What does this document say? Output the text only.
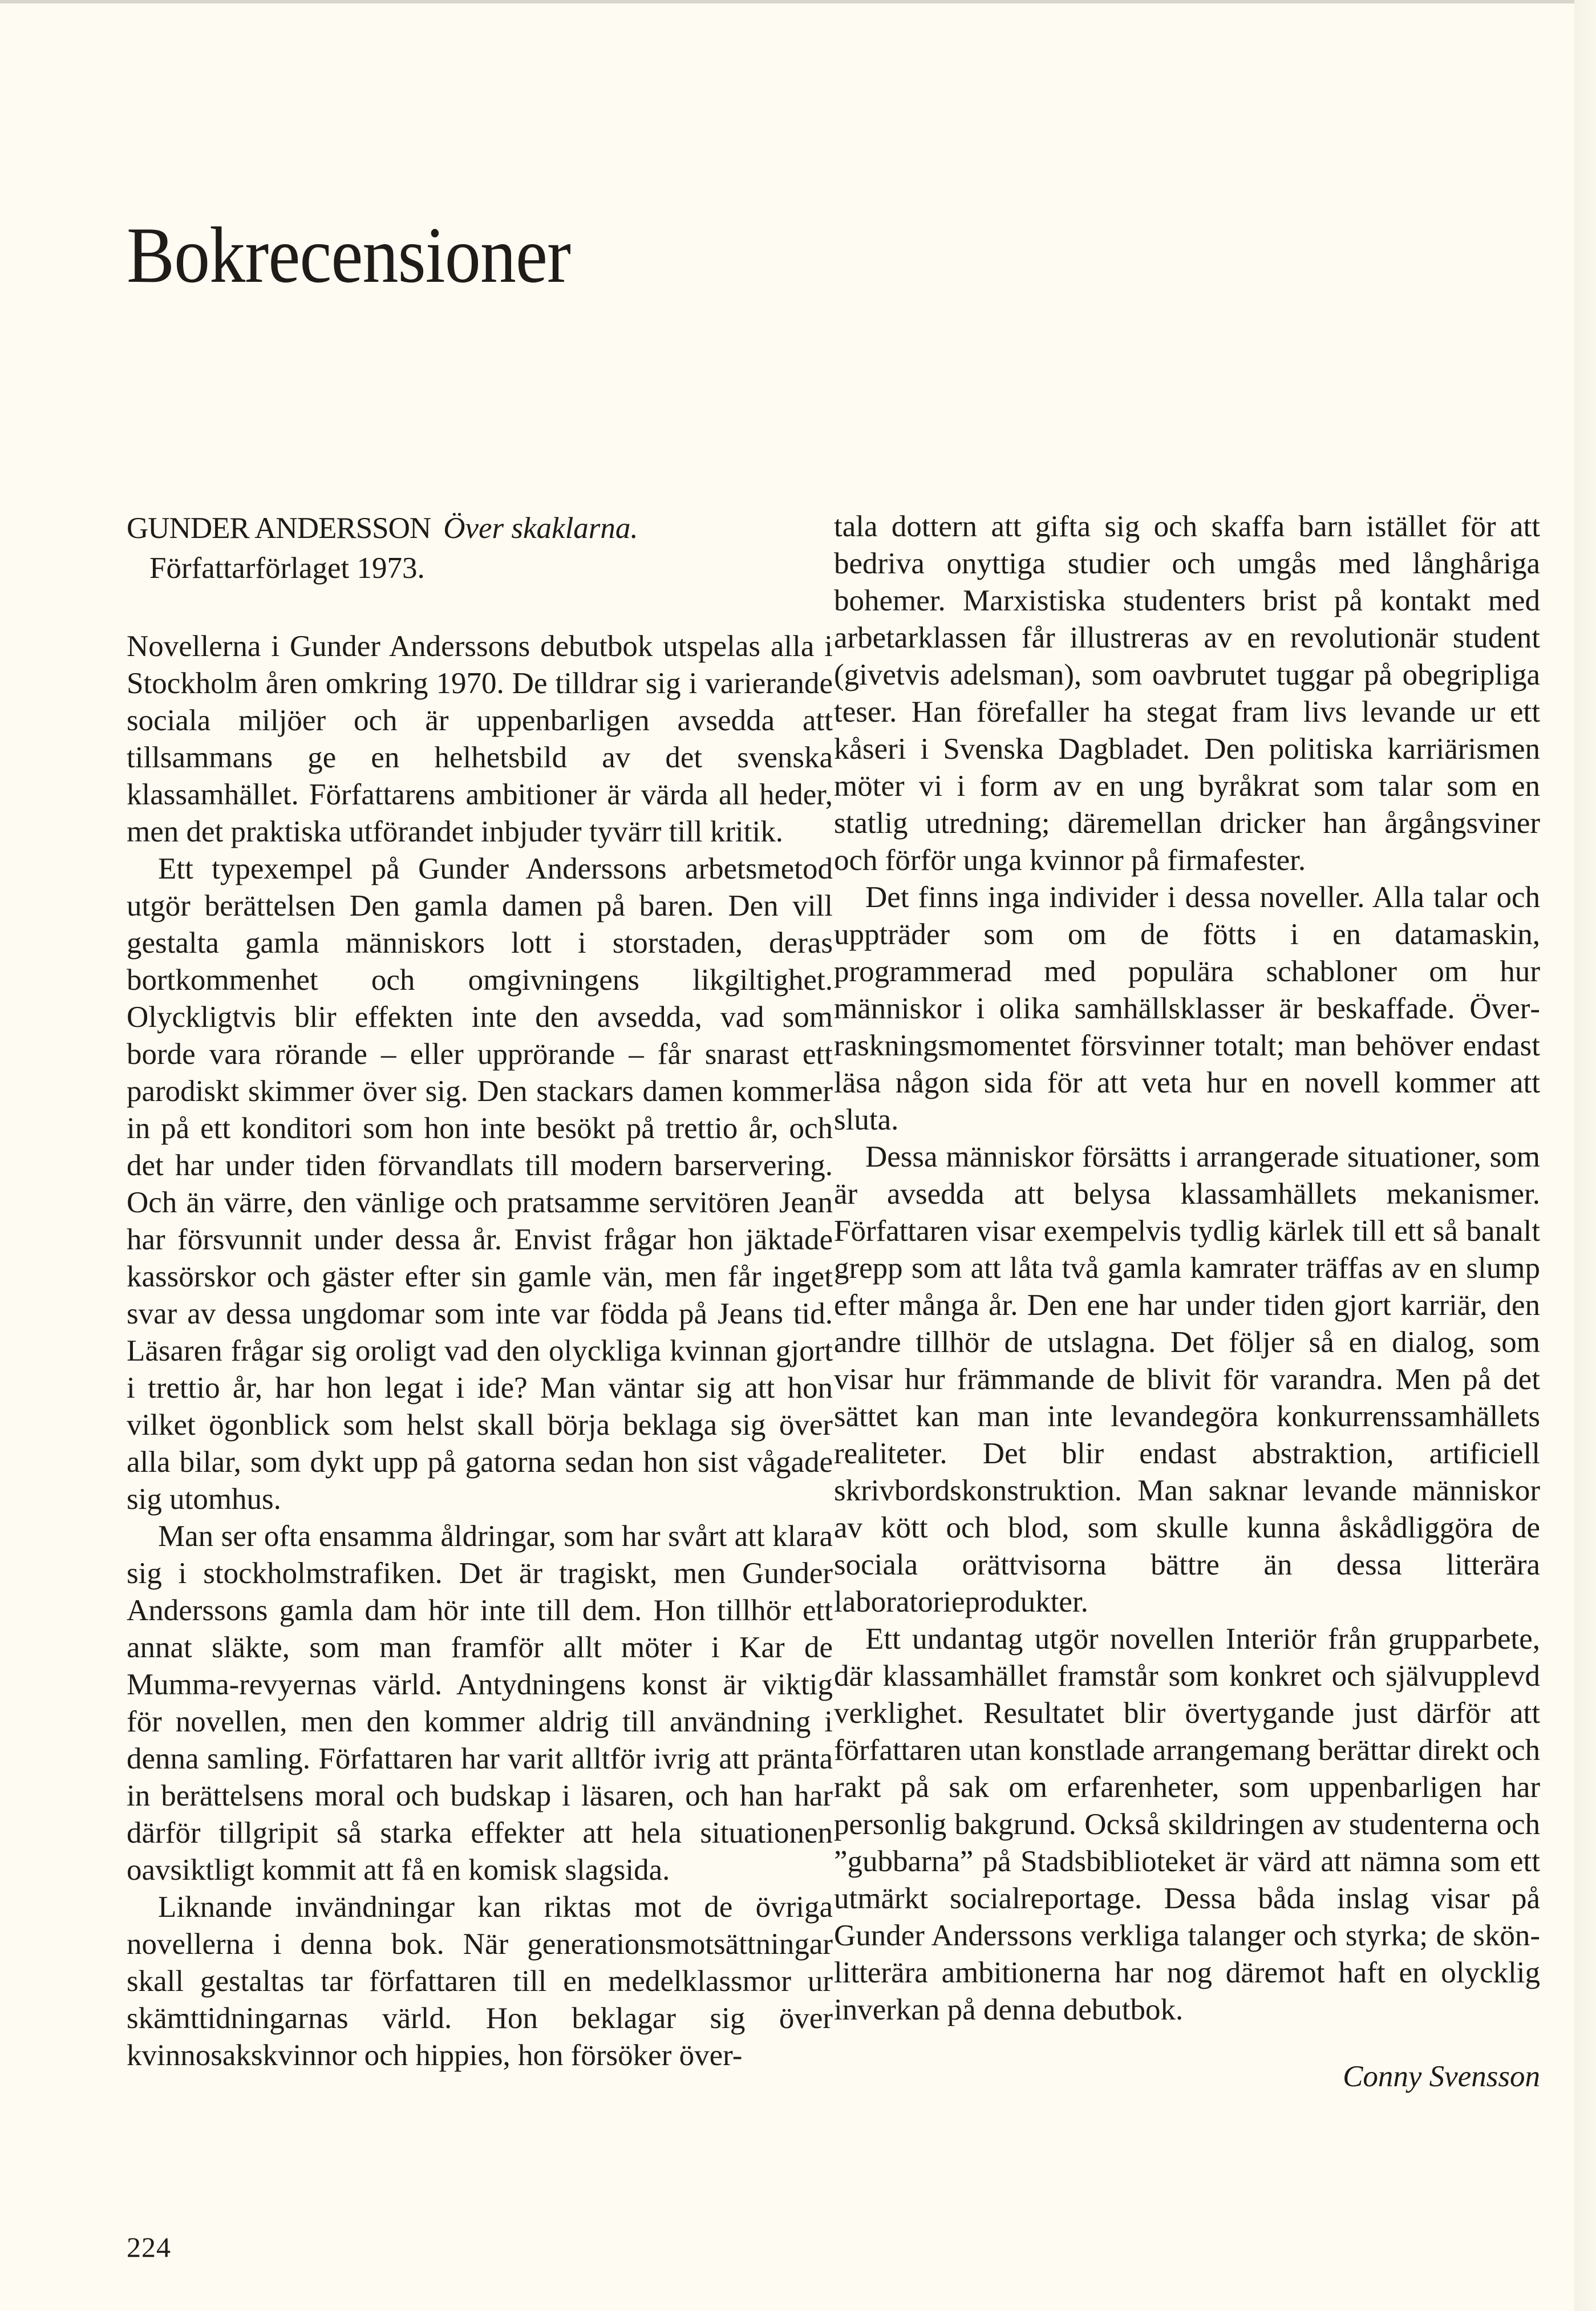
Bokrecensioner
GUNDER ANDERSSON Över skaklarna.
Författarförlaget 1973.

Novellerna i Gunder Anderssons debutbok utspelas alla i Stockholm åren omkring 1970. De tilldrar sig i varierande sociala miljöer och är uppenbarligen avsedda att tillsammans ge en helhetsbild av det svenska klassamhället. Författarens ambitioner är värda all heder, men det praktiska utförandet inbjuder tyvärr till kritik.

Ett typexempel på Gunder Anderssons arbetsmetod utgör berättelsen Den gamla damen på baren. Den vill gestalta gamla människors lott i storstaden, deras bortkommenhet och omgivningens likgiltighet. Olyckligtvis blir effekten inte den avsedda, vad som borde vara rörande – eller upprörande – får snarast ett parodiskt skimmer över sig. Den stackars damen kommer in på ett konditori som hon inte besökt på trettio år, och det har under tiden förvandlats till modern barservering. Och än värre, den vänlige och pratsamme servitören Jean har försvunnit under dessa år. Envist frågar hon jäktade kassörskor och gäster efter sin gamle vän, men får inget svar av dessa ungdomar som inte var födda på Jeans tid. Läsaren frågar sig oroligt vad den olyckliga kvinnan gjort i trettio år, har hon legat i ide? Man väntar sig att hon vilket ögonblick som helst skall börja beklaga sig över alla bilar, som dykt upp på gatorna sedan hon sist vågade sig utomhus.

Man ser ofta ensamma åldringar, som har svårt att klara sig i stockholmstrafiken. Det är tragiskt, men Gunder Anderssons gamla dam hör inte till dem. Hon tillhör ett annat släkte, som man framför allt möter i Kar de Mumma-revyernas värld. Antydningens konst är viktig för novellen, men den kommer aldrig till användning i denna samling. Författaren har varit alltför ivrig att pränta in berättelsens moral och budskap i läsaren, och han har därför tillgripit så starka effekter att hela situationen oavsiktligt kommit att få en komisk slagsida.

Liknande invändningar kan riktas mot de övriga novellerna i denna bok. När generationsmotsättningar skall gestaltas tar författaren till en medelklassmor ur skämttidningarnas värld. Hon beklagar sig över kvinnosakskvinnor och hippies, hon försöker över-

tala dottern att gifta sig och skaffa barn istället för att bedriva onyttiga studier och umgås med långhåriga bohemer. Marxistiska studenters brist på kontakt med arbetarklassen får illustreras av en revolutionär student (givetvis adelsman), som oavbrutet tuggar på obegripliga teser. Han förefaller ha stegat fram livs levande ur ett kåseri i Svenska Dagbladet. Den politiska karriärismen möter vi i form av en ung byråkrat som talar som en statlig utredning; däremellan dricker han årgångsviner och förför unga kvinnor på firmafester.

Det finns inga individer i dessa noveller. Alla talar och uppträder som om de fötts i en datamaskin, programmerad med populära schabloner om hur människor i olika samhällsklasser är beskaffade. Överraskningsmomentet försvinner totalt; man behöver endast läsa någon sida för att veta hur en novell kommer att sluta.

Dessa människor försätts i arrangerade situationer, som är avsedda att belysa klassamhällets mekanismer. Författaren visar exempelvis tydlig kärlek till ett så banalt grepp som att låta två gamla kamrater träffas av en slump efter många år. Den ene har under tiden gjort karriär, den andre tillhör de utslagna. Det följer så en dialog, som visar hur främmande de blivit för varandra. Men på det sättet kan man inte levandegöra konkurrenssamhällets realiteter. Det blir endast abstraktion, artificiell skrivbordskonstruktion. Man saknar levande människor av kött och blod, som skulle kunna åskådliggöra de sociala orättvisorna bättre än dessa litterära laboratorieprodukter.

Ett undantag utgör novellen Interiör från grupparbete, där klassamhället framstår som konkret och självupplevd verklighet. Resultatet blir övertygande just därför att författaren utan konstlade arrangemang berättar direkt och rakt på sak om erfarenheter, som uppenbarligen har personlig bakgrund. Också skildringen av studenterna och ”gubbarna” på Stadsbiblioteket är värd att nämna som ett utmärkt socialreportage. Dessa båda inslag visar på Gunder Anderssons verkliga talanger och styrka; de skönlitterära ambitionerna har nog däremot haft en olycklig inverkan på denna debutbok.

Conny Svensson
224
